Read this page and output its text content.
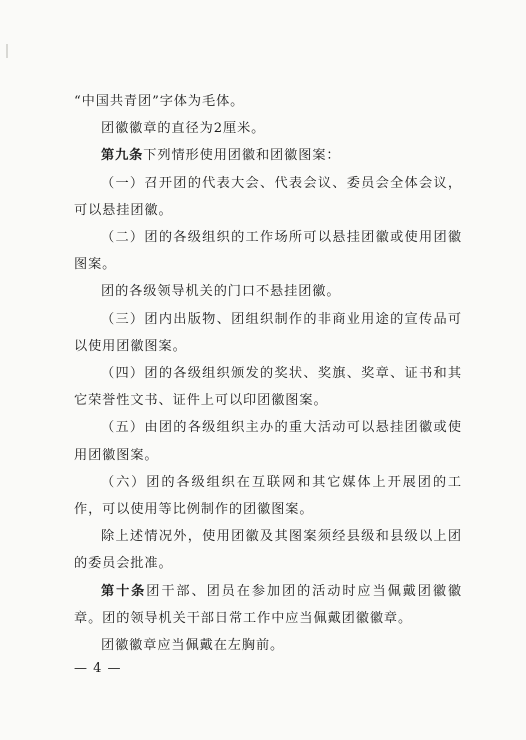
“中国共青团”字体为毛体。

团徽徽章的直径为2厘米。

第九条下列情形使用团徽和团徽图案：

（一）召开团的代表大会、代表会议、委员会全体会议，可以悬挂团徽。

（二）团的各级组织的工作场所可以悬挂团徽或使用团徽图案。

团的各级领导机关的门口不悬挂团徽。

（三）团内出版物、团组织制作的非商业用途的宣传品可以使用团徽图案。

（四）团的各级组织颁发的奖状、奖旗、奖章、证书和其它荣誉性文书、证件上可以印团徽图案。

（五）由团的各级组织主办的重大活动可以悬挂团徽或使用团徽图案。

（六）团的各级组织在互联网和其它媒体上开展团的工作，可以使用等比例制作的团徽图案。

除上述情况外，使用团徽及其图案须经县级和县级以上团的委员会批准。

第十条团干部、团员在参加团的活动时应当佩戴团徽徽章。团的领导机关干部日常工作中应当佩戴团徽徽章。

团徽徽章应当佩戴在左胸前。

— 4 —
